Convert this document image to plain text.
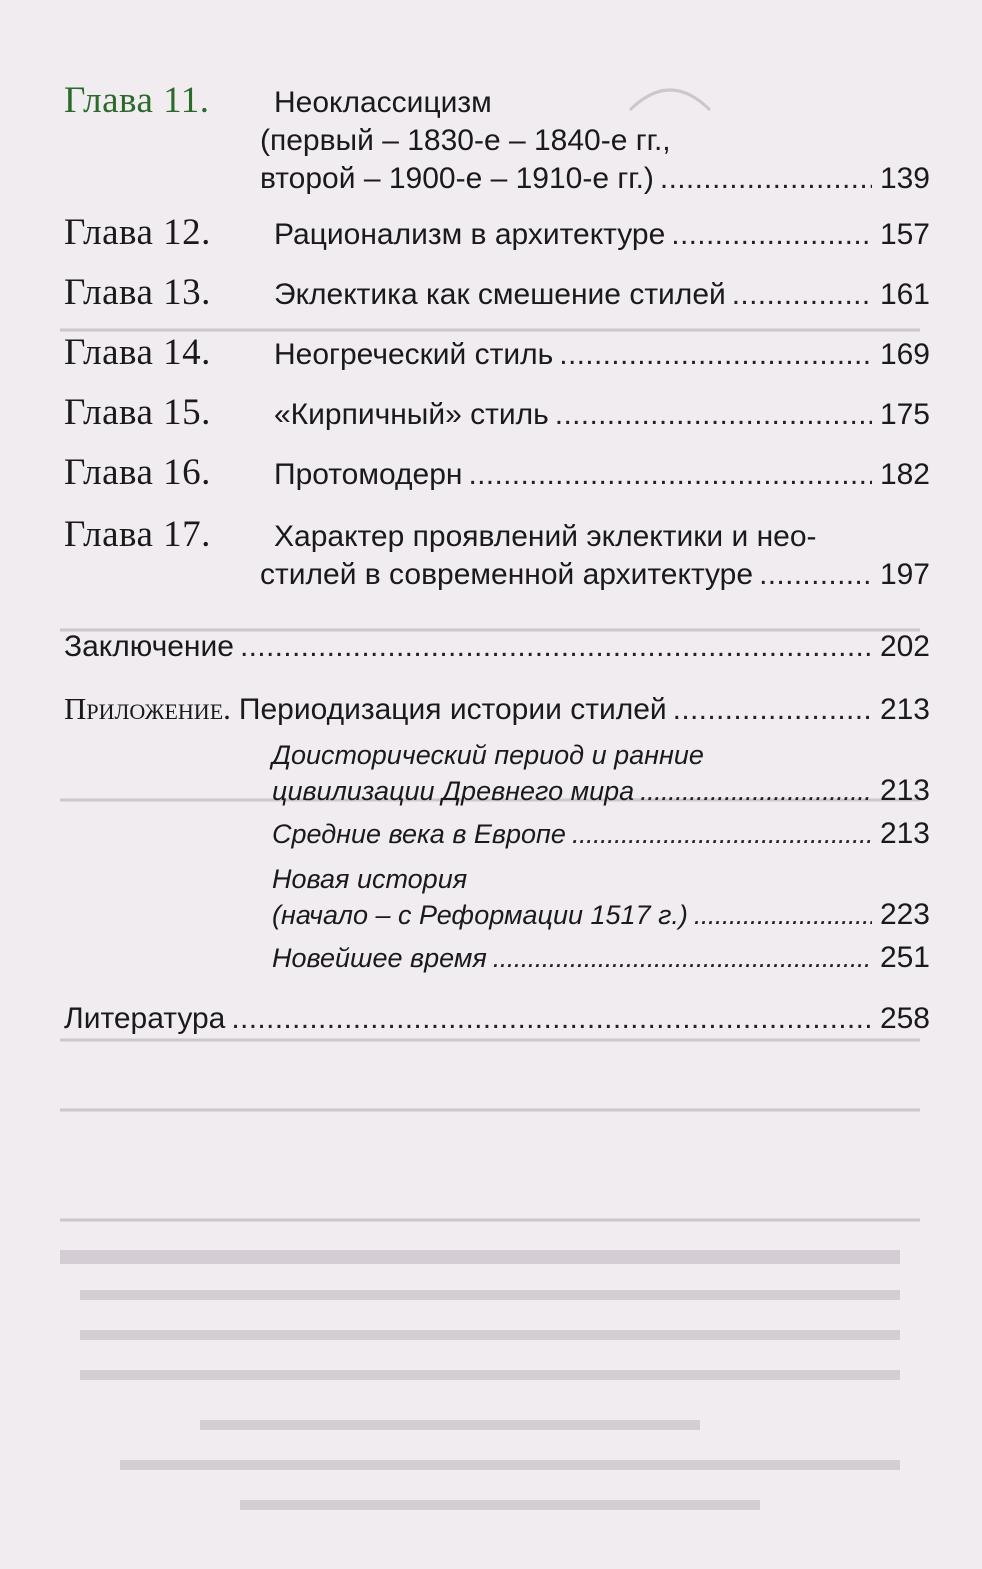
Глава 11.	Неоклассицизм
(первый – 1830-е – 1840-е гг.,
второй – 1900-е – 1910-е гг.) . . .	139
Глава 12.	Рационализм в архитектуре . . .	157
Глава 13.	Эклектика как смешение стилей . . .	161
Глава 14.	Неогреческий стиль . . .	169
Глава 15.	«Кирпичный» стиль . . .	175
Глава 16.	Протомодерн . . .	182
Глава 17.	Характер проявлений эклектики и нео-
стилей в современной архитектуре . . .	197
Заключение . . .	202
Приложение. Периодизация истории стилей . . .	213
Доисторический период и ранние
цивилизации Древнего мира . . .	213
Средние века в Европе . . .	213
Новая история
(начало – с Реформации 1517 г.) . . .	223
Новейшее время . . .	251
Литература . . .	258
